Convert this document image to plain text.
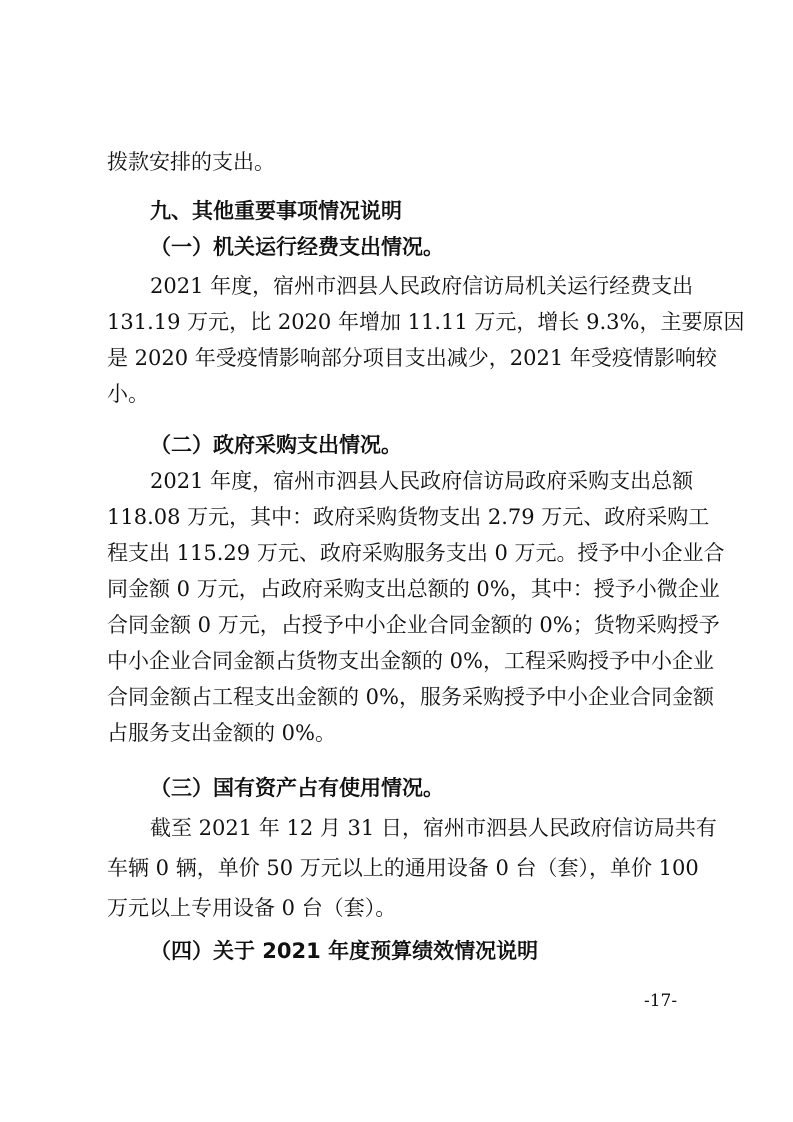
拨款安排的支出。
九、其他重要事项情况说明
（一）机关运行经费支出情况。
2021 年度，宿州市泗县人民政府信访局机关运行经费支出
131.19 万元，比 2020 年增加 11.11 万元，增长 9.3%，主要原因
是 2020 年受疫情影响部分项目支出减少，2021 年受疫情影响较
小。
（二）政府采购支出情况。
2021 年度，宿州市泗县人民政府信访局政府采购支出总额
118.08 万元，其中：政府采购货物支出 2.79 万元、政府采购工
程支出 115.29 万元、政府采购服务支出 0 万元。授予中小企业合
同金额 0 万元，占政府采购支出总额的 0%，其中：授予小微企业
合同金额 0 万元，占授予中小企业合同金额的 0%；货物采购授予
中小企业合同金额占货物支出金额的 0%，工程采购授予中小企业
合同金额占工程支出金额的 0%，服务采购授予中小企业合同金额
占服务支出金额的 0%。
（三）国有资产占有使用情况。
截至 2021 年 12 月 31 日，宿州市泗县人民政府信访局共有
车辆 0 辆，单价 50 万元以上的通用设备 0 台（套），单价 100
万元以上专用设备 0 台（套）。
（四）关于 2021 年度预算绩效情况说明
-17-
